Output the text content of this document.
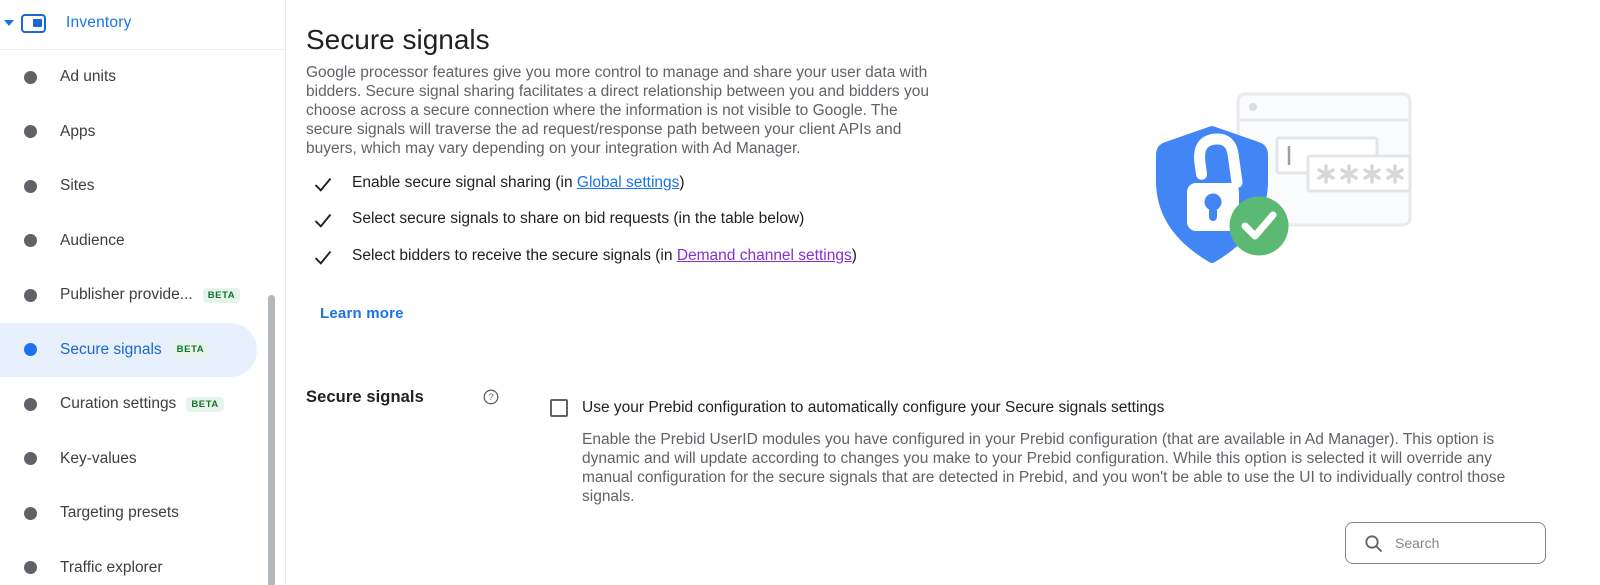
Inventory
Ad units
Apps
Sites
Audience
Publisher provide...	BETA
Secure signals	BETA
Curation settings	BETA
Key-values
Targeting presets
Traffic explorer
Secure signals

Google processor features give you more control to manage and share your user data with bidders. Secure signal sharing facilitates a direct relationship between you and bidders you choose across a secure connection where the information is not visible to Google. The secure signals will traverse the ad request/response path between your client APIs and buyers, which may vary depending on your integration with Ad Manager.

Enable secure signal sharing (in Global settings)
Select secure signals to share on bid requests (in the table below)
Select bidders to receive the secure signals (in Demand channel settings)
Learn more
Secure signals	?
Use your Prebid configuration to automatically configure your Secure signals settings

Enable the Prebid UserID modules you have configured in your Prebid configuration (that are available in Ad Manager). This option is dynamic and will update according to changes you make to your Prebid configuration. While this option is selected it will override any manual configuration for the secure signals that are detected in Prebid, and you won't be able to use the UI to individually control those signals.

Search
